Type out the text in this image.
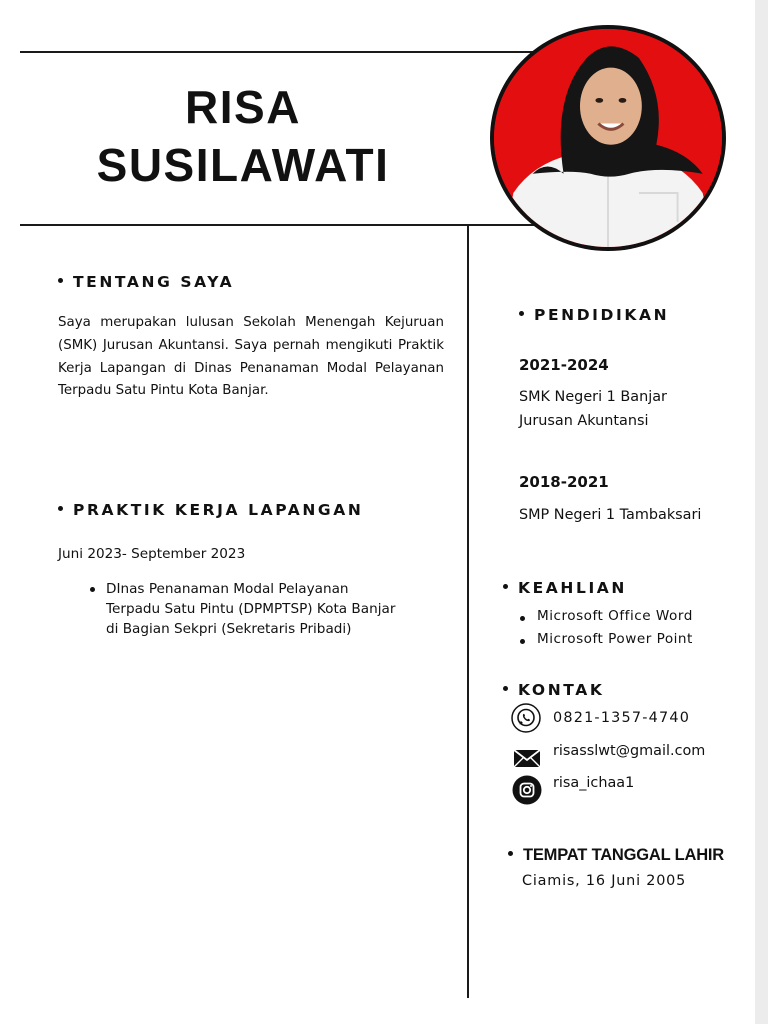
RISA
SUSILAWATI
TENTANG SAYA
Saya merupakan lulusan Sekolah Menengah Kejuruan (SMK) Jurusan Akuntansi. Saya pernah mengikuti Praktik Kerja Lapangan di Dinas Penanaman Modal Pelayanan Terpadu Satu Pintu Kota Banjar.
PRAKTIK KERJA LAPANGAN
Juni 2023- September 2023
DInas Penanaman Modal Pelayanan
Terpadu Satu Pintu (DPMPTSP) Kota Banjar
di Bagian Sekpri (Sekretaris Pribadi)
PENDIDIKAN
2021-2024
SMK Negeri 1 Banjar
Jurusan Akuntansi
2018-2021
SMP Negeri 1 Tambaksari
KEAHLIAN
Microsoft Office Word
Microsoft Power Point
KONTAK
0821-1357-4740
risasslwt@gmail.com
risa_ichaa1
TEMPAT TANGGAL LAHIR
Ciamis, 16 Juni 2005
